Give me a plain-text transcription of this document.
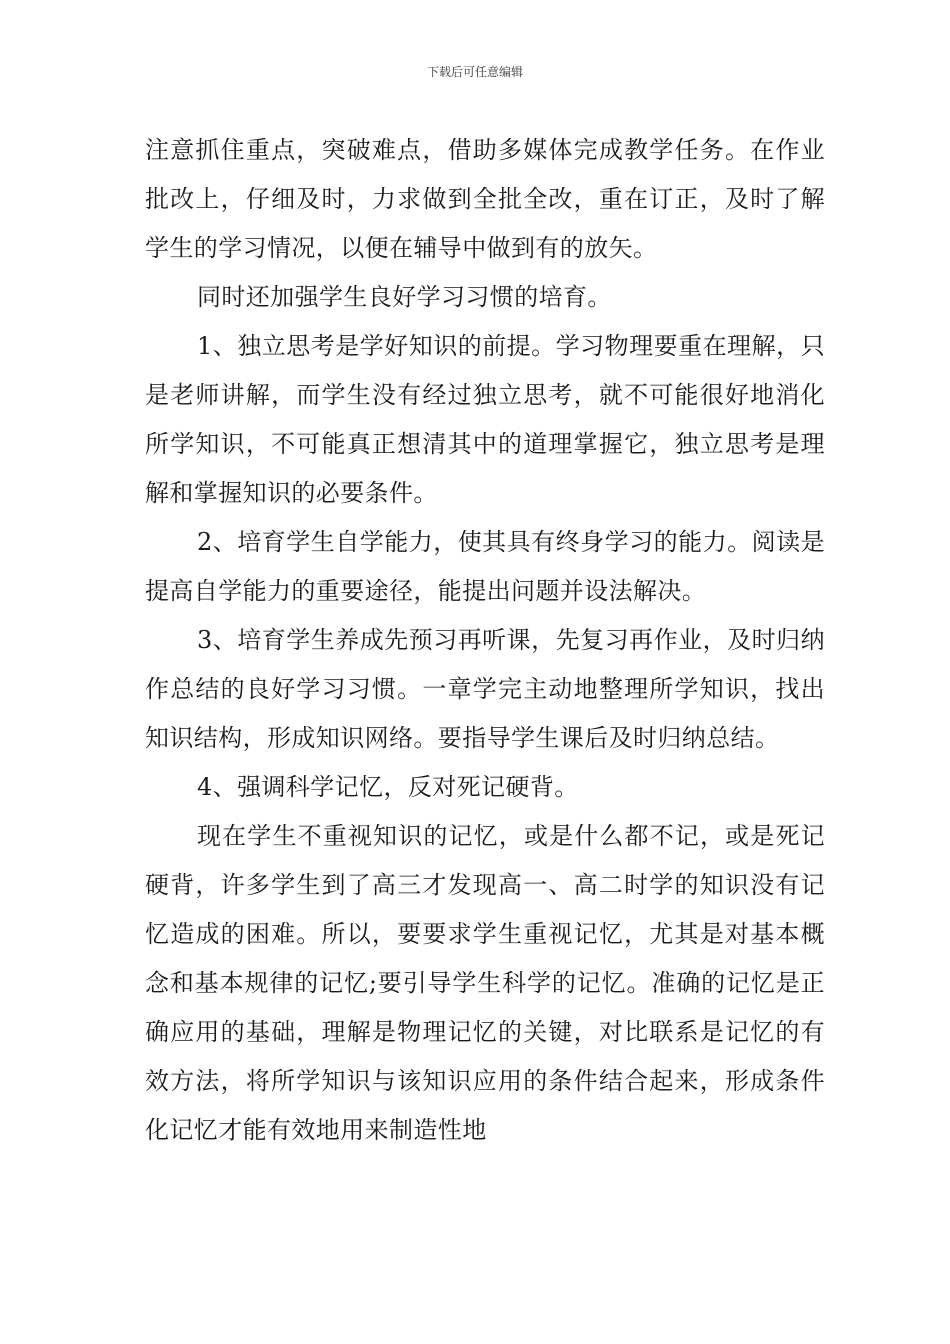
下载后可任意编辑

注意抓住重点，突破难点，借助多媒体完成教学任务。在作业批改上，仔细及时，力求做到全批全改，重在订正，及时了解学生的学习情况，以便在辅导中做到有的放矢。

同时还加强学生良好学习习惯的培育。

1、独立思考是学好知识的前提。学习物理要重在理解，只是老师讲解，而学生没有经过独立思考，就不可能很好地消化所学知识，不可能真正想清其中的道理掌握它，独立思考是理解和掌握知识的必要条件。

2、培育学生自学能力，使其具有终身学习的能力。阅读是提高自学能力的重要途径，能提出问题并设法解决。

3、培育学生养成先预习再听课，先复习再作业，及时归纳作总结的良好学习习惯。一章学完主动地整理所学知识，找出知识结构，形成知识网络。要指导学生课后及时归纳总结。

4、强调科学记忆，反对死记硬背。

现在学生不重视知识的记忆，或是什么都不记，或是死记硬背，许多学生到了高三才发现高一、高二时学的知识没有记忆造成的困难。所以，要要求学生重视记忆，尤其是对基本概念和基本规律的记忆;要引导学生科学的记忆。准确的记忆是正确应用的基础，理解是物理记忆的关键，对比联系是记忆的有效方法，将所学知识与该知识应用的条件结合起来，形成条件化记忆才能有效地用来制造性地
